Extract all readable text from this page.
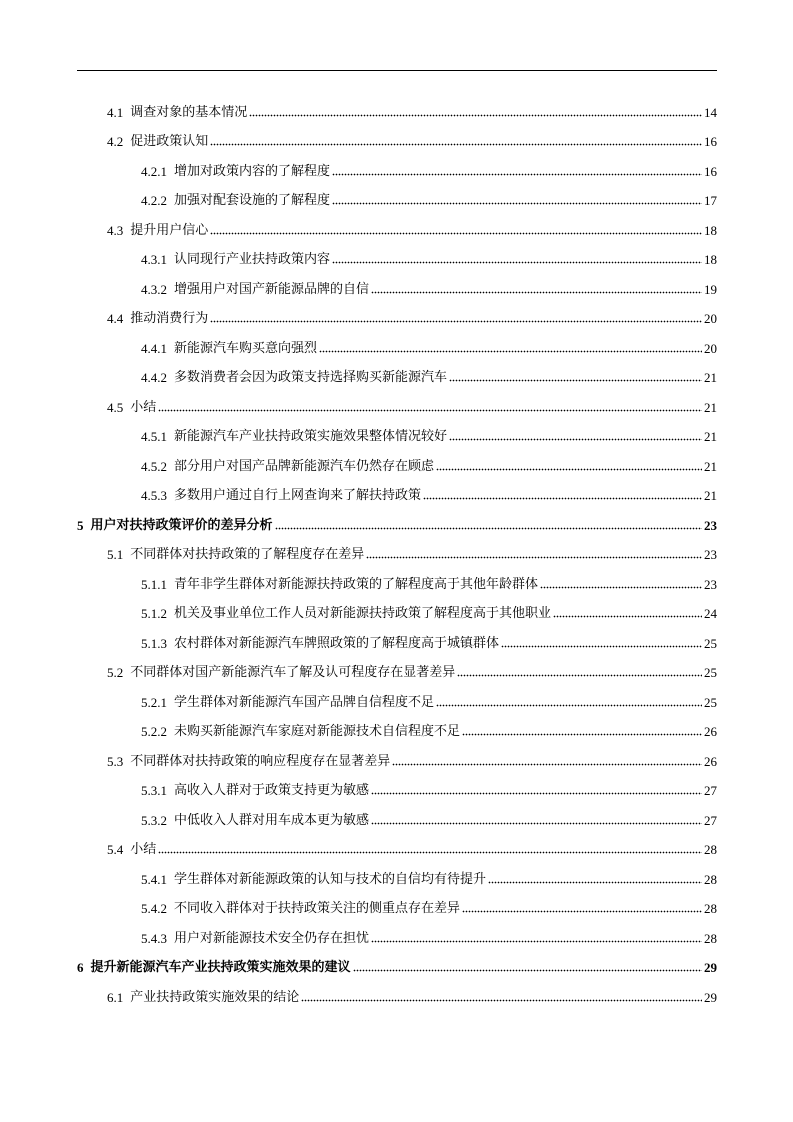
4.1 调查对象的基本情况	14
4.2 促进政策认知	16
4.2.1 增加对政策内容的了解程度	16
4.2.2 加强对配套设施的了解程度	17
4.3 提升用户信心	18
4.3.1 认同现行产业扶持政策内容	18
4.3.2 增强用户对国产新能源品牌的自信	19
4.4 推动消费行为	20
4.4.1 新能源汽车购买意向强烈	20
4.4.2 多数消费者会因为政策支持选择购买新能源汽车	21
4.5 小结	21
4.5.1 新能源汽车产业扶持政策实施效果整体情况较好	21
4.5.2 部分用户对国产品牌新能源汽车仍然存在顾虑	21
4.5.3 多数用户通过自行上网查询来了解扶持政策	21
5 用户对扶持政策评价的差异分析	23
5.1 不同群体对扶持政策的了解程度存在差异	23
5.1.1 青年非学生群体对新能源扶持政策的了解程度高于其他年龄群体	23
5.1.2 机关及事业单位工作人员对新能源扶持政策了解程度高于其他职业	24
5.1.3 农村群体对新能源汽车牌照政策的了解程度高于城镇群体	25
5.2 不同群体对国产新能源汽车了解及认可程度存在显著差异	25
5.2.1 学生群体对新能源汽车国产品牌自信程度不足	25
5.2.2 未购买新能源汽车家庭对新能源技术自信程度不足	26
5.3 不同群体对扶持政策的响应程度存在显著差异	26
5.3.1 高收入人群对于政策支持更为敏感	27
5.3.2 中低收入人群对用车成本更为敏感	27
5.4 小结	28
5.4.1 学生群体对新能源政策的认知与技术的自信均有待提升	28
5.4.2 不同收入群体对于扶持政策关注的侧重点存在差异	28
5.4.3 用户对新能源技术安全仍存在担忧	28
6 提升新能源汽车产业扶持政策实施效果的建议	29
6.1 产业扶持政策实施效果的结论	29
